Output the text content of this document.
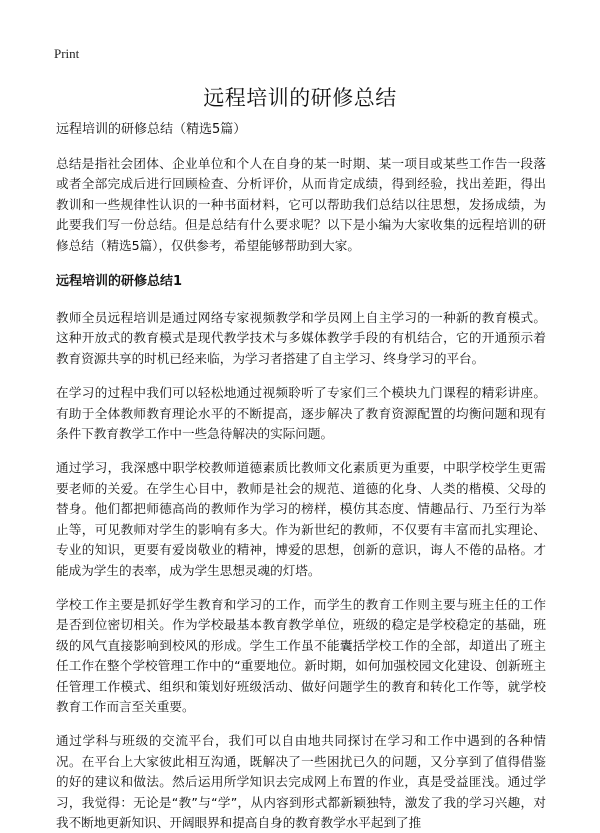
Print
远程培训的研修总结
远程培训的研修总结（精选5篇）

总结是指社会团体、企业单位和个人在自身的某一时期、某一项目或某些工作告一段落或者全部完成后进行回顾检查、分析评价，从而肯定成绩，得到经验，找出差距，得出教训和一些规律性认识的一种书面材料，它可以帮助我们总结以往思想，发扬成绩，为此要我们写一份总结。但是总结有什么要求呢？以下是小编为大家收集的远程培训的研修总结（精选5篇），仅供参考，希望能够帮助到大家。

远程培训的研修总结1

教师全员远程培训是通过网络专家视频教学和学员网上自主学习的一种新的教育模式。这种开放式的教育模式是现代教学技术与多媒体教学手段的有机结合，它的开通预示着教育资源共享的时机已经来临，为学习者搭建了自主学习、终身学习的平台。

在学习的过程中我们可以轻松地通过视频聆听了专家们三个模块九门课程的精彩讲座。有助于全体教师教育理论水平的不断提高，逐步解决了教育资源配置的均衡问题和现有条件下教育教学工作中一些急待解决的实际问题。

通过学习，我深感中职学校教师道德素质比教师文化素质更为重要，中职学校学生更需要老师的关爱。在学生心目中，教师是社会的规范、道德的化身、人类的楷模、父母的替身。他们都把师德高尚的教师作为学习的榜样，模仿其态度、情趣品行、乃至行为举止等，可见教师对学生的影响有多大。作为新世纪的教师，不仅要有丰富而扎实理论、专业的知识，更要有爱岗敬业的精神，博爱的思想，创新的意识，诲人不倦的品格。才能成为学生的表率，成为学生思想灵魂的灯塔。

学校工作主要是抓好学生教育和学习的工作，而学生的教育工作则主要与班主任的工作是否到位密切相关。作为学校最基本教育教学单位，班级的稳定是学校稳定的基础，班级的风气直接影响到校风的形成。学生工作虽不能囊括学校工作的全部，却道出了班主任工作在整个学校管理工作中的“重要地位。新时期，如何加强校园文化建设、创新班主任管理工作模式、组织和策划好班级活动、做好问题学生的教育和转化工作等，就学校教育工作而言至关重要。

通过学科与班级的交流平台，我们可以自由地共同探讨在学习和工作中遇到的各种情况。在平台上大家彼此相互沟通，既解决了一些困扰已久的问题，又分享到了值得借鉴的好的建议和做法。然后运用所学知识去完成网上布置的作业，真是受益匪浅。通过学习，我觉得：无论是“教”与“学”，从内容到形式都新颖独特，激发了我的学习兴趣，对我不断地更新知识、开阔眼界和提高自身的教育教学水平起到了推
